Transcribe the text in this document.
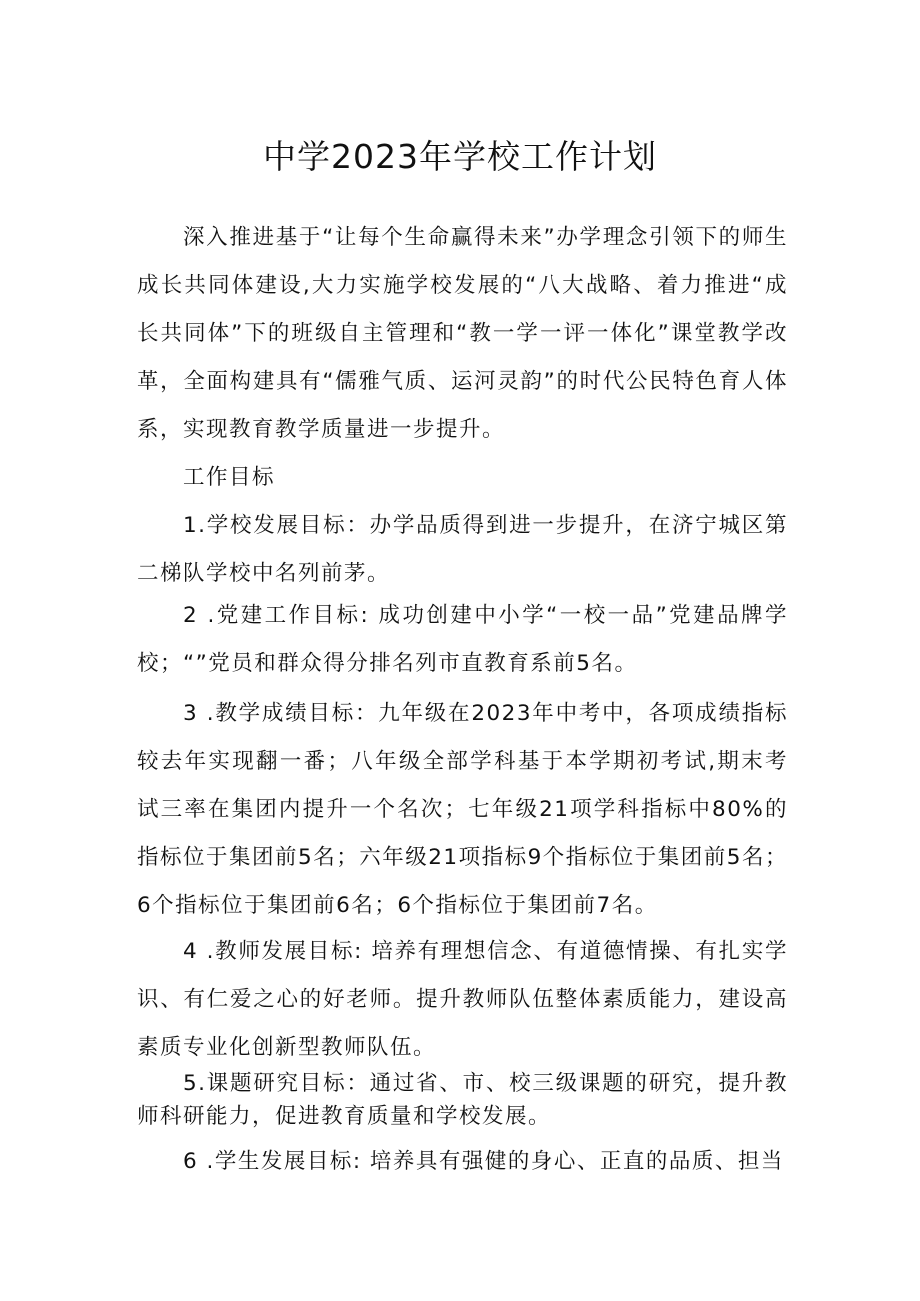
中学2023年学校工作计划

深入推进基于“让每个生命赢得未来”办学理念引领下的师生成长共同体建设,大力实施学校发展的“八大战略、着力推进“成长共同体”下的班级自主管理和“教一学一评一体化”课堂教学改革，全面构建具有“儒雅气质、运河灵韵”的时代公民特色育人体系，实现教育教学质量进一步提升。

工作目标

1.学校发展目标：办学品质得到进一步提升，在济宁城区第二梯队学校中名列前茅。

2 .党建工作目标: 成功创建中小学“一校一品”党建品牌学校；“”党员和群众得分排名列市直教育系前5名。

3 .教学成绩目标：九年级在2023年中考中，各项成绩指标较去年实现翻一番；八年级全部学科基于本学期初考试,期末考试三率在集团内提升一个名次；七年级21项学科指标中80%的指标位于集团前5名；六年级21项指标9个指标位于集团前5名；6个指标位于集团前6名；6个指标位于集团前7名。

4 .教师发展目标: 培养有理想信念、有道德情操、有扎实学识、有仁爱之心的好老师。提升教师队伍整体素质能力，建设高素质专业化创新型教师队伍。

5.课题研究目标：通过省、市、校三级课题的研究，提升教师科研能力，促进教育质量和学校发展。

6 .学生发展目标: 培养具有强健的身心、正直的品质、担当
